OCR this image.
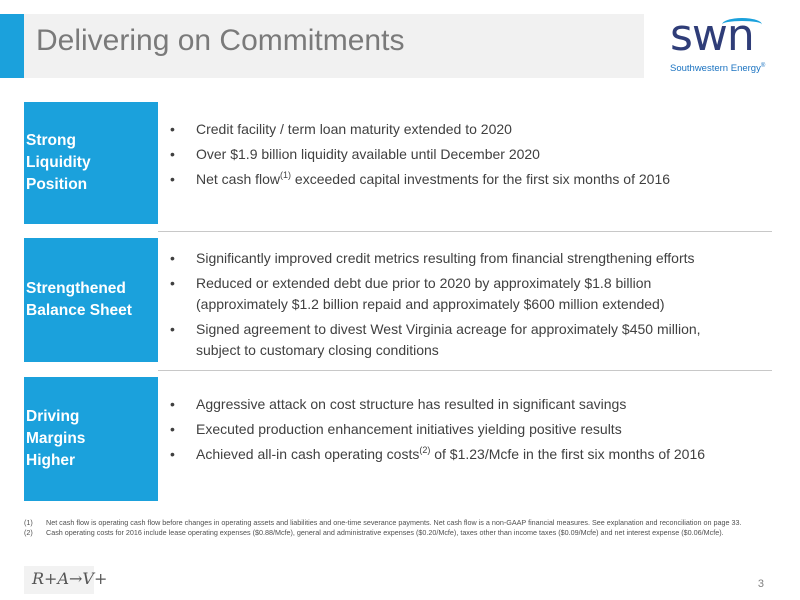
Delivering on Commitments	swn
Southwestern Energy®
Strong
Liquidity
Position
• Credit facility / term loan maturity extended to 2020
• Over $1.9 billion liquidity available until December 2020
• Net cash flow$^{(1)}$ exceeded capital investments for the first six months of 2016
Strengthened
Balance Sheet
• Significantly improved credit metrics resulting from financial strengthening efforts
• Reduced or extended debt due prior to 2020 by approximately $1.8 billion
(approximately $1.2 billion repaid and approximately $600 million extended)
• Signed agreement to divest West Virginia acreage for approximately $450 million,
subject to customary closing conditions
Driving
Margins
Higher
• Aggressive attack on cost structure has resulted in significant savings
• Executed production enhancement initiatives yielding positive results
• Achieved all-in cash operating costs$^{(2)}$ of $1.23/Mcfe in the first six months of 2016
(1) Net cash flow is operating cash flow before changes in operating assets and liabilities and one-time severance payments. Net cash flow is a non-GAAP financial measures. See explanation and reconciliation on page 33.
(2) Cash operating costs for 2016 include lease operating expenses ($0.88/Mcfe), general and administrative expenses ($0.20/Mcfe), taxes other than income taxes ($0.09/Mcfe) and net interest expense ($0.06/Mcfe).
R+A→V+	3
